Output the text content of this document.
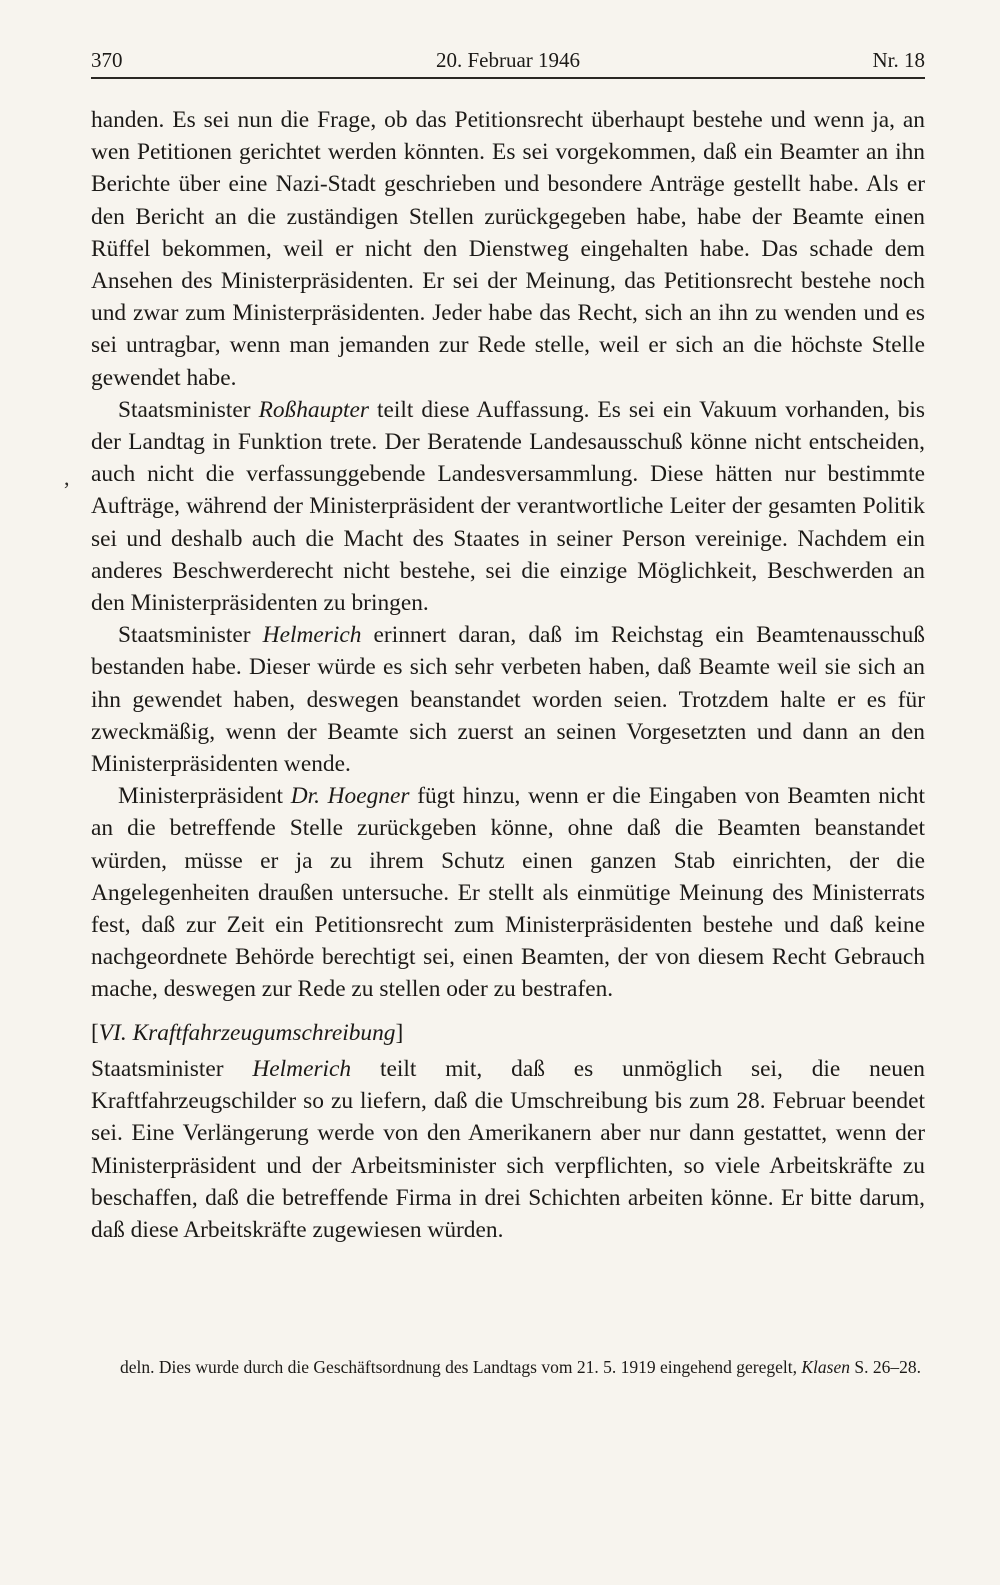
370	20. Februar 1946	Nr. 18
,

handen. Es sei nun die Frage, ob das Petitionsrecht überhaupt bestehe und wenn ja, an wen Petitionen gerichtet werden könnten. Es sei vorgekommen, daß ein Beamter an ihn Berichte über eine Nazi-Stadt geschrieben und besondere Anträge gestellt habe. Als er den Bericht an die zuständigen Stellen zurückgegeben habe, habe der Beamte einen Rüffel bekommen, weil er nicht den Dienstweg eingehalten habe. Das schade dem Ansehen des Ministerpräsidenten. Er sei der Meinung, das Petitionsrecht bestehe noch und zwar zum Ministerpräsidenten. Jeder habe das Recht, sich an ihn zu wenden und es sei untragbar, wenn man jemanden zur Rede stelle, weil er sich an die höchste Stelle gewendet habe.

Staatsminister Roßhaupter teilt diese Auffassung. Es sei ein Vakuum vorhanden, bis der Landtag in Funktion trete. Der Beratende Landesausschuß könne nicht entscheiden, auch nicht die verfassunggebende Landesversammlung. Diese hätten nur bestimmte Aufträge, während der Ministerpräsident der verantwortliche Leiter der gesamten Politik sei und deshalb auch die Macht des Staates in seiner Person vereinige. Nachdem ein anderes Beschwerderecht nicht bestehe, sei die einzige Möglichkeit, Beschwerden an den Ministerpräsidenten zu bringen.

Staatsminister Helmerich erinnert daran, daß im Reichstag ein Beamtenausschuß bestanden habe. Dieser würde es sich sehr verbeten haben, daß Beamte weil sie sich an ihn gewendet haben, deswegen beanstandet worden seien. Trotzdem halte er es für zweckmäßig, wenn der Beamte sich zuerst an seinen Vorgesetzten und dann an den Ministerpräsidenten wende.

Ministerpräsident Dr. Hoegner fügt hinzu, wenn er die Eingaben von Beamten nicht an die betreffende Stelle zurückgeben könne, ohne daß die Beamten beanstandet würden, müsse er ja zu ihrem Schutz einen ganzen Stab einrichten, der die Angelegenheiten draußen untersuche. Er stellt als einmütige Meinung des Ministerrats fest, daß zur Zeit ein Petitionsrecht zum Ministerpräsidenten bestehe und daß keine nachgeordnete Behörde berechtigt sei, einen Beamten, der von diesem Recht Gebrauch mache, deswegen zur Rede zu stellen oder zu bestrafen.

[VI. Kraftfahrzeugumschreibung]

Staatsminister Helmerich teilt mit, daß es unmöglich sei, die neuen Kraftfahrzeugschilder so zu liefern, daß die Umschreibung bis zum 28. Februar beendet sei. Eine Verlängerung werde von den Amerikanern aber nur dann gestattet, wenn der Ministerpräsident und der Arbeitsminister sich verpflichten, so viele Arbeitskräfte zu beschaffen, daß die betreffende Firma in drei Schichten arbeiten könne. Er bitte darum, daß diese Arbeitskräfte zugewiesen würden.

deln. Dies wurde durch die Geschäftsordnung des Landtags vom 21. 5. 1919 eingehend geregelt, Klasen S. 26–28.
